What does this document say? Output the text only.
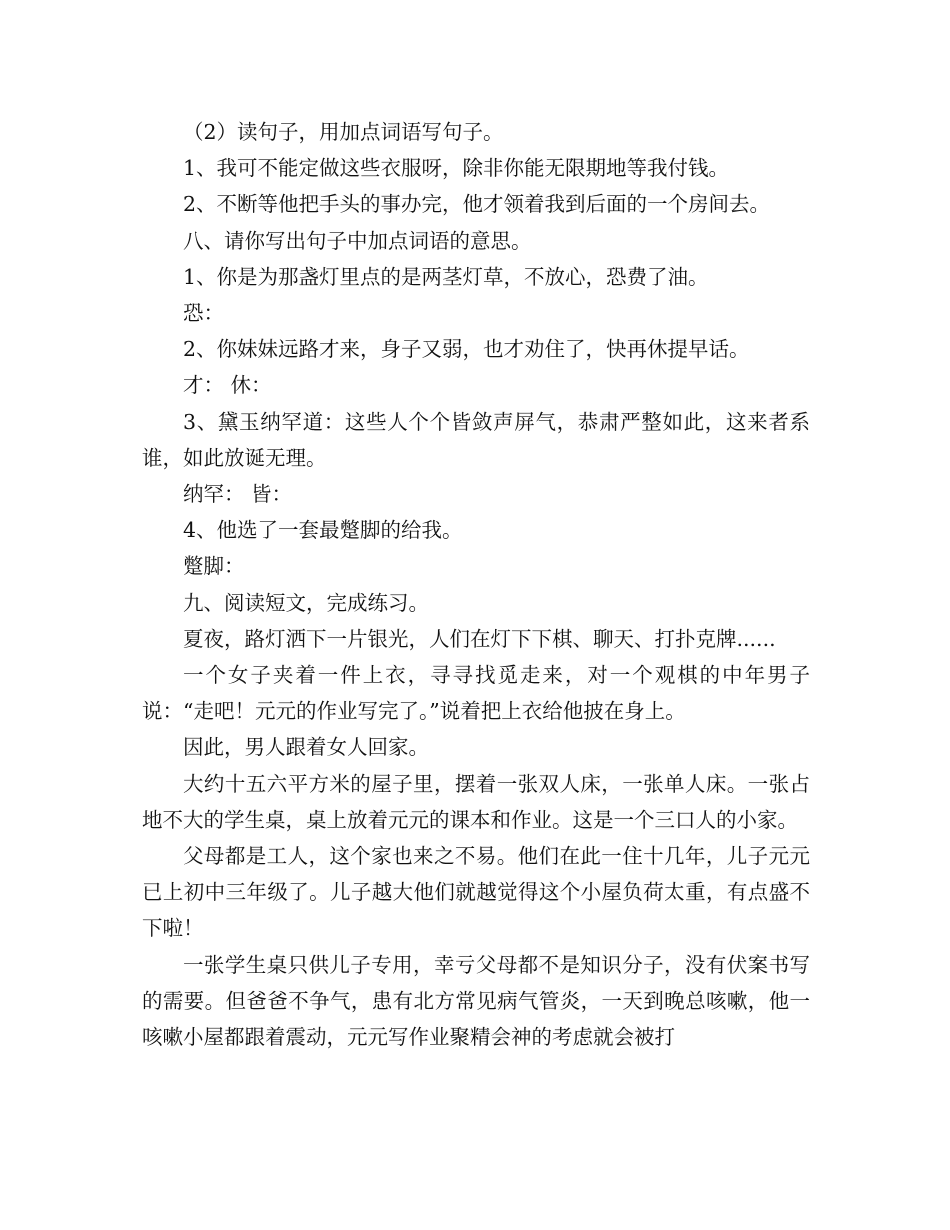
（2）读句子，用加点词语写句子。

1、我可不能定做这些衣服呀，除非你能无限期地等我付钱。

2、不断等他把手头的事办完，他才领着我到后面的一个房间去。

八、请你写出句子中加点词语的意思。

1、你是为那盏灯里点的是两茎灯草，不放心，恐费了油。

恐：

2、你妹妹远路才来，身子又弱，也才劝住了，快再休提早话。

才： 休：

3、黛玉纳罕道：这些人个个皆敛声屏气，恭肃严整如此，这来者系谁，如此放诞无理。

纳罕： 皆：

4、他选了一套最蹩脚的给我。

蹩脚：

九、阅读短文，完成练习。

夏夜，路灯洒下一片银光，人们在灯下下棋、聊天、打扑克牌......

一个女子夹着一件上衣，寻寻找觅走来，对一个观棋的中年男子说：“走吧！元元的作业写完了。”说着把上衣给他披在身上。

因此，男人跟着女人回家。

大约十五六平方米的屋子里，摆着一张双人床，一张单人床。一张占地不大的学生桌，桌上放着元元的课本和作业。这是一个三口人的小家。

父母都是工人，这个家也来之不易。他们在此一住十几年，儿子元元已上初中三年级了。儿子越大他们就越觉得这个小屋负荷太重，有点盛不下啦！

一张学生桌只供儿子专用，幸亏父母都不是知识分子，没有伏案书写的需要。但爸爸不争气，患有北方常见病气管炎，一天到晚总咳嗽，他一咳嗽小屋都跟着震动，元元写作业聚精会神的考虑就会被打
